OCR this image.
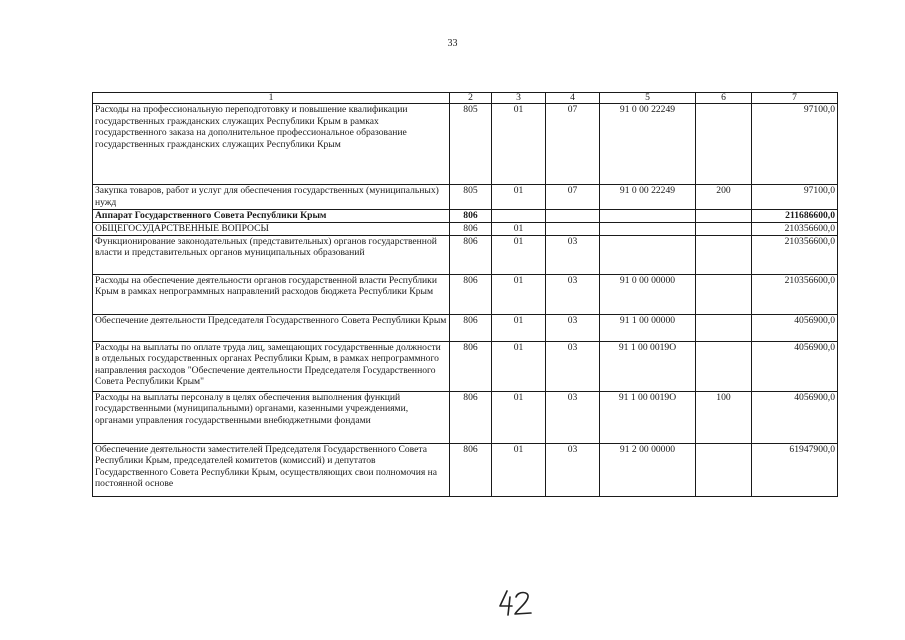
33
1	2	3	4	5	6	7
Расходы на профессиональную переподготовку и повышение квалификации государственных гражданских служащих Республики Крым в рамках государственного заказа на дополнительное профессиональное образование государственных гражданских служащих Республики Крым	805	01	07	91 0 00 22249		97100,0
Закупка товаров, работ и услуг для обеспечения государственных (муниципальных) нужд	805	01	07	91 0 00 22249	200	97100,0
Аппарат Государственного Совета Республики Крым	806					211686600,0
ОБЩЕГОСУДАРСТВЕННЫЕ ВОПРОСЫ	806	01				210356600,0
Функционирование законодательных (представительных) органов государственной власти и представительных органов муниципальных образований	806	01	03			210356600,0
Расходы на обеспечение деятельности органов государственной власти Республики Крым в рамках непрограммных направлений расходов бюджета Республики Крым	806	01	03	91 0 00 00000		210356600,0
Обеспечение деятельности Председателя Государственного Совета Республики Крым	806	01	03	91 1 00 00000		4056900,0
Расходы на выплаты по оплате труда лиц, замещающих государственные должности в отдельных государственных органах Республики Крым, в рамках непрограммного направления расходов "Обеспечение деятельности Председателя Государственного Совета Республики Крым"	806	01	03	91 1 00 0019О		4056900,0
Расходы на выплаты персоналу в целях обеспечения выполнения функций государственными (муниципальными) органами, казенными учреждениями, органами управления государственными внебюджетными фондами	806	01	03	91 1 00 0019О	100	4056900,0
Обеспечение деятельности заместителей Председателя Государственного Совета Республики Крым, председателей комитетов (комиссий) и депутатов Государственного Совета Республики Крым, осуществляющих свои полномочия на постоянной основе	806	01	03	91 2 00 00000		61947900,0
